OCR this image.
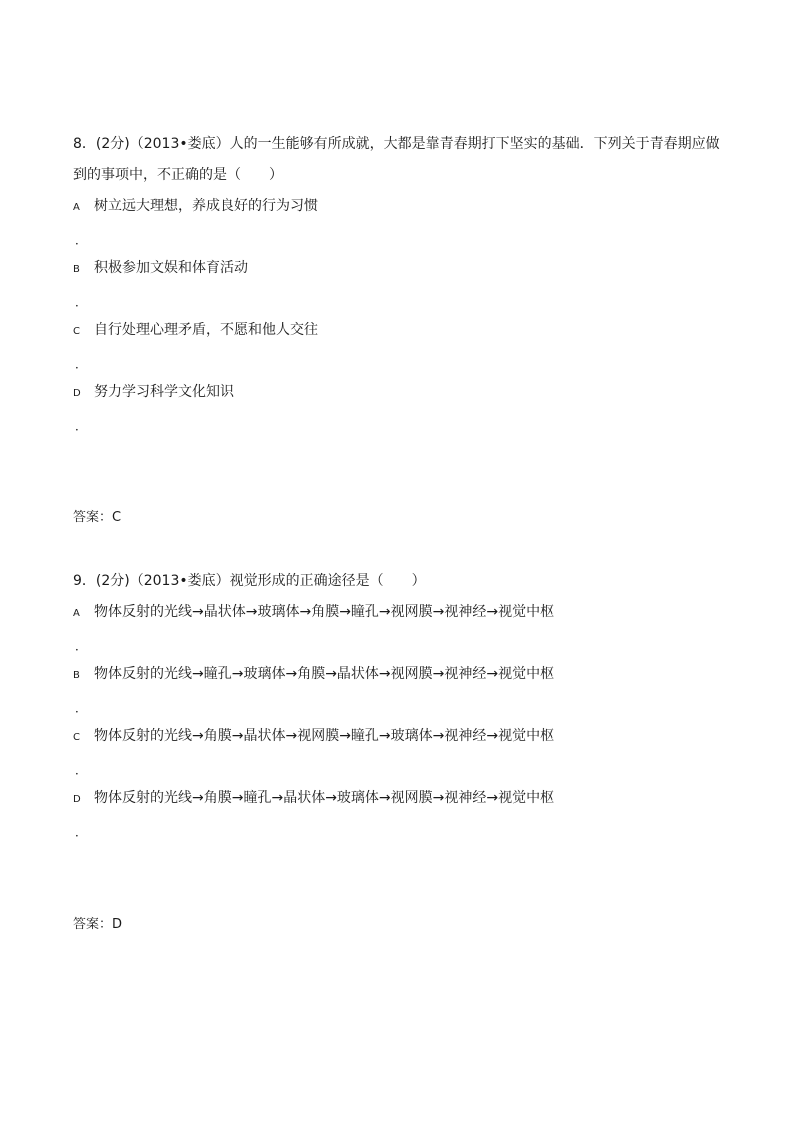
8．(2分)（2013•娄底）人的一生能够有所成就，大都是靠青春期打下坚实的基础．下列关于青春期应做
到的事项中，不正确的是（　　）
A 树立远大理想，养成良好的行为习惯
．
B 积极参加文娱和体育活动
．
C 自行处理心理矛盾，不愿和他人交往
．
D 努力学习科学文化知识
．
答案：C
9．(2分)（2013•娄底）视觉形成的正确途径是（　　）
A 物体反射的光线→晶状体→玻璃体→角膜→瞳孔→视网膜→视神经→视觉中枢
．
B 物体反射的光线→瞳孔→玻璃体→角膜→晶状体→视网膜→视神经→视觉中枢
．
C 物体反射的光线→角膜→晶状体→视网膜→瞳孔→玻璃体→视神经→视觉中枢
．
D 物体反射的光线→角膜→瞳孔→晶状体→玻璃体→视网膜→视神经→视觉中枢
．
答案：D
